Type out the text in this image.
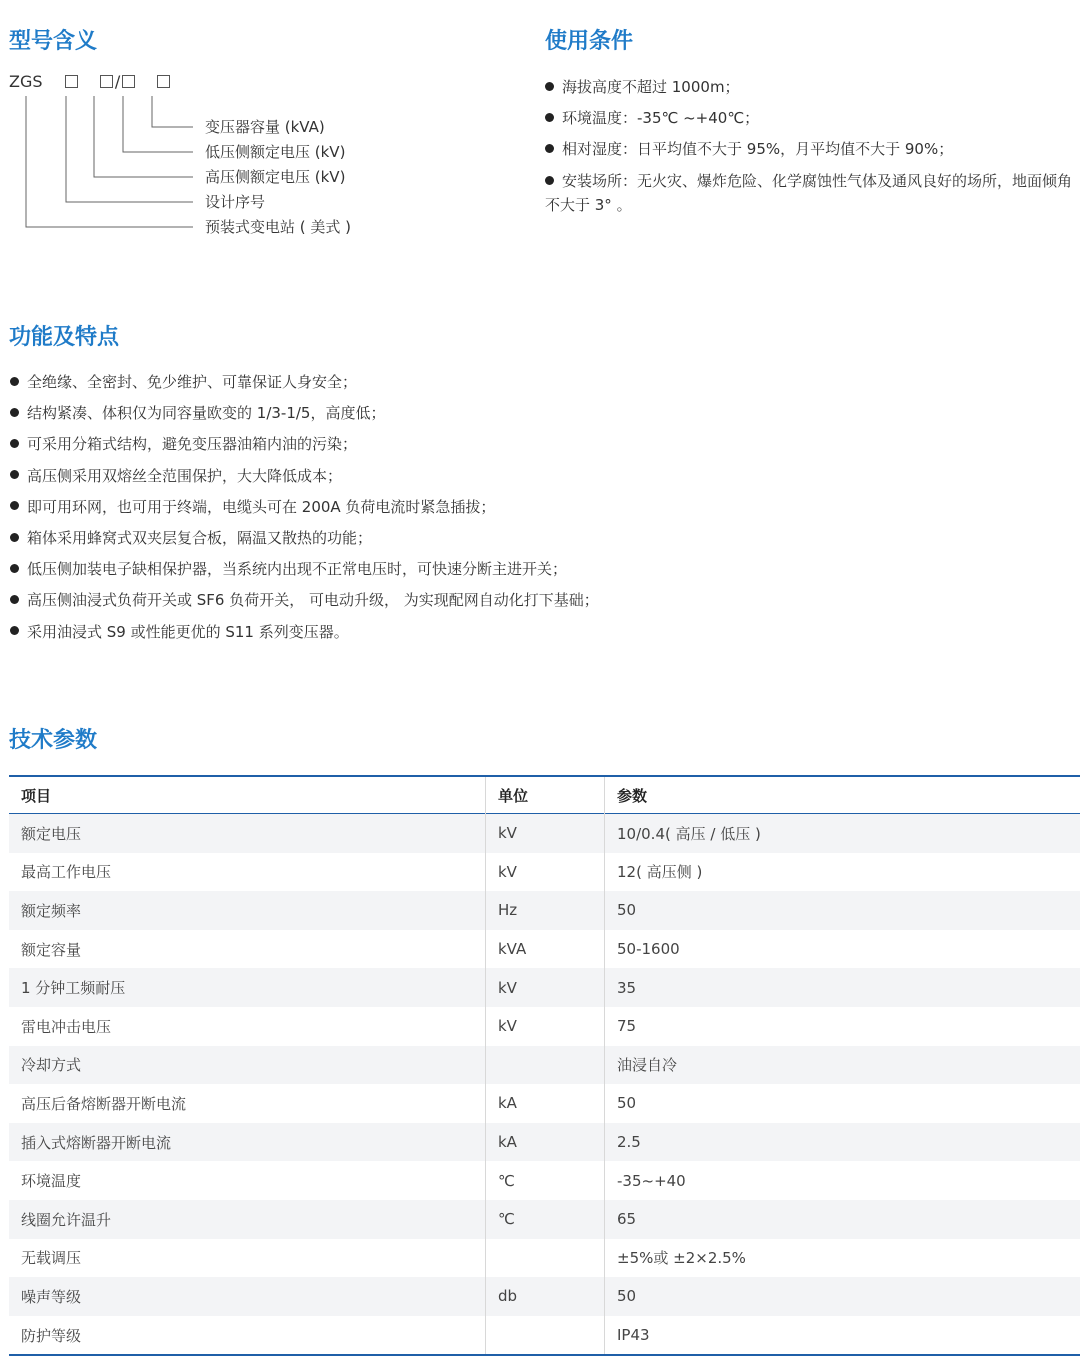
型号含义
ZGS	/
变压器容量 (kVA)
低压侧额定电压 (kV)
高压侧额定电压 (kV)
设计序号
预装式变电站 ( 美式 )
使用条件

海拔高度不超过 1000m；

环境温度：-35℃ ~+40℃；

相对湿度：日平均值不大于 95%，月平均值不大于 90%；

安装场所：无火灾、爆炸危险、化学腐蚀性气体及通风良好的场所，地面倾角不大于 3° 。

功能及特点

全绝缘、全密封、免少维护、可靠保证人身安全；

结构紧凑、体积仅为同容量欧变的 1/3-1/5，高度低；

可采用分箱式结构，避免变压器油箱内油的污染；

高压侧采用双熔丝全范围保护，大大降低成本；

即可用环网，也可用于终端，电缆头可在 200A 负荷电流时紧急插拔；

箱体采用蜂窝式双夹层复合板，隔温又散热的功能；

低压侧加装电子缺相保护器，当系统内出现不正常电压时，可快速分断主进开关；

高压侧油浸式负荷开关或 SF6 负荷开关， 可电动升级， 为实现配网自动化打下基础；

采用油浸式 S9 或性能更优的 S11 系列变压器。

技术参数
项目	单位	参数
额定电压	kV	10/0.4( 高压 / 低压 )
最高工作电压	kV	12( 高压侧 )
额定频率	Hz	50
额定容量	kVA	50-1600
1 分钟工频耐压	kV	35
雷电冲击电压	kV	75
冷却方式		油浸自冷
高压后备熔断器开断电流	kA	50
插入式熔断器开断电流	kA	2.5
环境温度	℃	-35~+40
线圈允许温升	℃	65
无载调压		±5%或 ±2×2.5%
噪声等级	db	50
防护等级		IP43
